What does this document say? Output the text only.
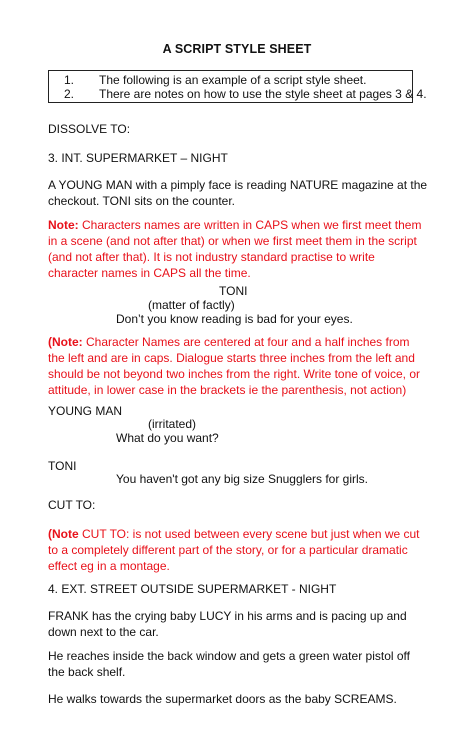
A SCRIPT STYLE SHEET
1. The following is an example of a script style sheet.
2. There are notes on how to use the style sheet at pages 3 & 4.

DISSOLVE TO:

3. INT. SUPERMARKET – NIGHT

A YOUNG MAN with a pimply face is reading NATURE magazine at the checkout. TONI sits on the counter.

Note: Characters names are written in CAPS when we first meet them in a scene (and not after that) or when we first meet them in the script (and not after that). It is not industry standard practise to write character names in CAPS all the time.

TONI
(matter of factly)
Don’t you know reading is bad for your eyes.

(Note: Character Names are centered at four and a half inches from the left and are in caps. Dialogue starts three inches from the left and should be not beyond two inches from the right. Write tone of voice, or attitude, in lower case in the brackets ie the parenthesis, not action)

YOUNG MAN

(irritated)
What do you want?

TONI

You haven't got any big size Snugglers for girls.

CUT TO:

(Note CUT TO: is not used between every scene but just when we cut to a completely different part of the story, or for a particular dramatic effect eg in a montage.

4. EXT. STREET OUTSIDE SUPERMARKET - NIGHT

FRANK has the crying baby LUCY in his arms and is pacing up and down next to the car.

He reaches inside the back window and gets a green water pistol off the back shelf.

He walks towards the supermarket doors as the baby SCREAMS.
